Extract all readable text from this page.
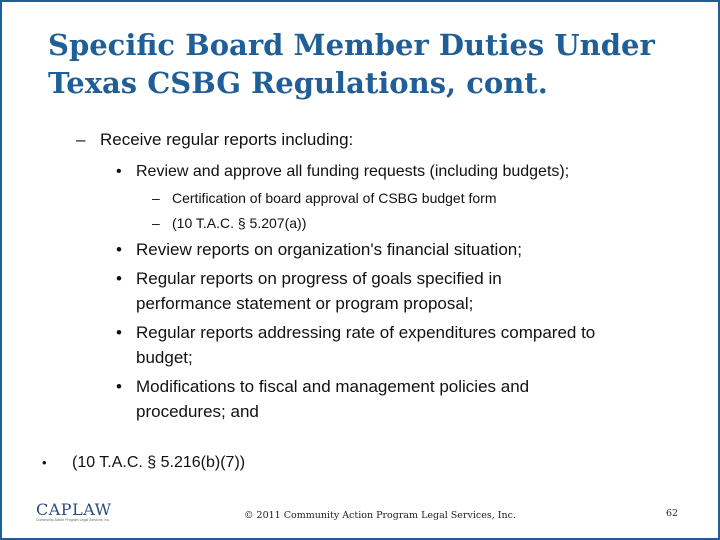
Specific Board Member Duties Under
Texas CSBG Regulations, cont.
– Receive regular reports including:
• Review and approve all funding requests (including budgets);
– Certification of board approval of CSBG budget form
– (10 T.A.C. § 5.207(a))
• Review reports on organization's financial situation;
• Regular reports on progress of goals specified in
performance statement or program proposal;
• Regular reports addressing rate of expenditures compared to
budget;
• Modifications to fiscal and management policies and
procedures; and
• (10 T.A.C. § 5.216(b)(7))
CAPLAW
Community Action Program Legal Services, Inc.	© 2011 Community Action Program Legal Services, Inc.	62
